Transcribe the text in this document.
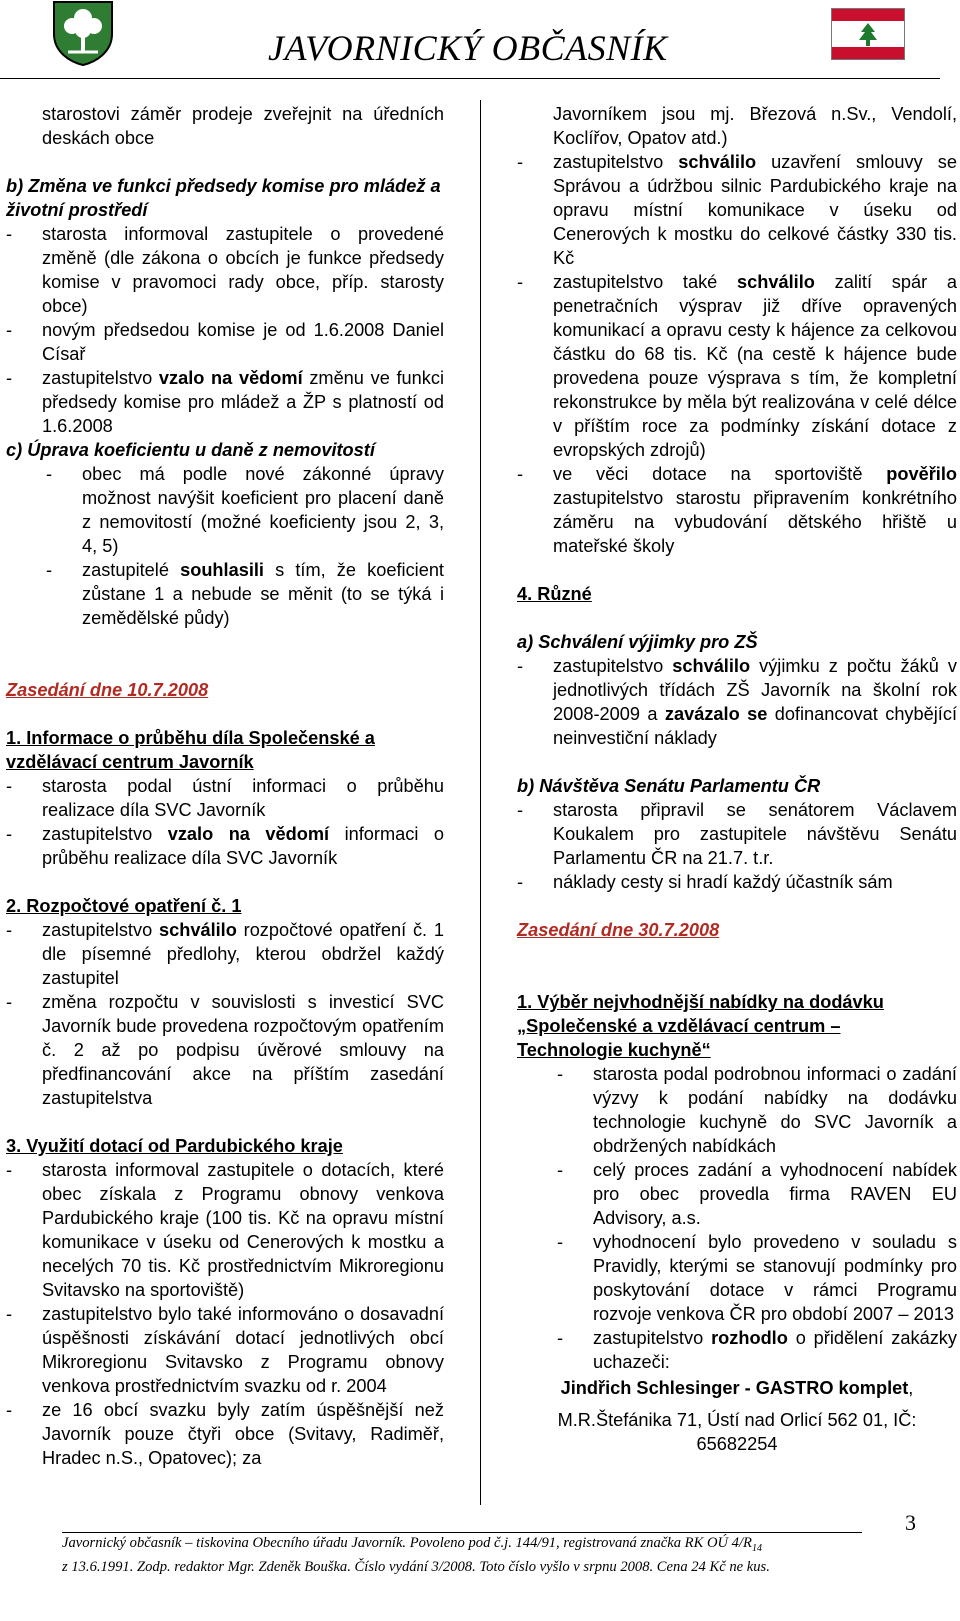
JAVORNICKÝ OBČASNÍK

starostovi záměr prodeje zveřejnit na úředních deskách obce

b) Změna ve funkci předsedy komise pro mládež a životní prostředí

- starosta informoval zastupitele o provedené změně (dle zákona o obcích je funkce předsedy komise v pravomoci rady obce, příp. starosty obce)

- novým předsedou komise je od 1.6.2008 Daniel Císař

- zastupitelstvo vzalo na vědomí změnu ve funkci předsedy komise pro mládež a ŽP s platností od 1.6.2008

c) Úprava koeficientu u daně z nemovitostí

- obec má podle nové zákonné úpravy možnost navýšit koeficient pro placení daně z nemovitostí (možné koeficienty jsou 2, 3, 4, 5)

- zastupitelé souhlasili s tím, že koeficient zůstane 1 a nebude se měnit (to se týká i zemědělské půdy)

Zasedání dne 10.7.2008

1. Informace o průběhu díla Společenské a vzdělávací centrum Javorník

- starosta podal ústní informaci o průběhu realizace díla SVC Javorník

- zastupitelstvo vzalo na vědomí informaci o průběhu realizace díla SVC Javorník

2. Rozpočtové opatření č. 1

- zastupitelstvo schválilo rozpočtové opatření č. 1 dle písemné předlohy, kterou obdržel každý zastupitel

- změna rozpočtu v souvislosti s investicí SVC Javorník bude provedena rozpočtovým opatřením č. 2 až po podpisu úvěrové smlouvy na předfinancování akce na příštím zasedání zastupitelstva

3. Využití dotací od Pardubického kraje

- starosta informoval zastupitele o dotacích, které obec získala z Programu obnovy venkova Pardubického kraje (100 tis. Kč na opravu místní komunikace v úseku od Cenerových k mostku a necelých 70 tis. Kč prostřednictvím Mikroregionu Svitavsko na sportoviště)

- zastupitelstvo bylo také informováno o dosavadní úspěšnosti získávání dotací jednotlivých obcí Mikroregionu Svitavsko z Programu obnovy venkova prostřednictvím svazku od r. 2004

- ze 16 obcí svazku byly zatím úspěšnější než Javorník pouze čtyři obce (Svitavy, Radiměř, Hradec n.S., Opatovec); za

Javorníkem jsou mj. Březová n.Sv., Vendolí, Koclířov, Opatov atd.)

- zastupitelstvo schválilo uzavření smlouvy se Správou a údržbou silnic Pardubického kraje na opravu místní komunikace v úseku od Cenerových k mostku do celkové částky 330 tis. Kč

- zastupitelstvo také schválilo zalití spár a penetračních výsprav již dříve opravených komunikací a opravu cesty k hájence za celkovou částku do 68 tis. Kč (na cestě k hájence bude provedena pouze výsprava s tím, že kompletní rekonstrukce by měla být realizována v celé délce v příštím roce za podmínky získání dotace z evropských zdrojů)

- ve věci dotace na sportoviště pověřilo zastupitelstvo starostu připravením konkrétního záměru na vybudování dětského hřiště u mateřské školy

4. Různé

a) Schválení výjimky pro ZŠ

- zastupitelstvo schválilo výjimku z počtu žáků v jednotlivých třídách ZŠ Javorník na školní rok 2008-2009 a zavázalo se dofinancovat chybějící neinvestiční náklady

b) Návštěva Senátu Parlamentu ČR

- starosta připravil se senátorem Václavem Koukalem pro zastupitele návštěvu Senátu Parlamentu ČR na 21.7. t.r.

- náklady cesty si hradí každý účastník sám

Zasedání dne 30.7.2008

1. Výběr nejvhodnější nabídky na dodávku
„Společenské a vzdělávací centrum –
Technologie kuchyně“

- starosta podal podrobnou informaci o zadání výzvy k podání nabídky na dodávku technologie kuchyně do SVC Javorník a obdržených nabídkách

- celý proces zadání a vyhodnocení nabídek pro obec provedla firma RAVEN EU Advisory, a.s.

- vyhodnocení bylo provedeno v souladu s Pravidly, kterými se stanovují podmínky pro poskytování dotace v rámci Programu rozvoje venkova ČR pro období 2007 – 2013

- zastupitelstvo rozhodlo o přidělení zakázky uchazeči:

Jindřich Schlesinger - GASTRO komplet,

M.R.Štefánika 71, Ústí nad Orlicí 562 01, IČ: 65682254

3
Javornický občasník – tiskovina Obecního úřadu Javorník. Povoleno pod č.j. 144/91, registrovaná značka RK OÚ $4/R_{14}$
z 13.6.1991. Zodp. redaktor Mgr. Zdeněk Bouška. Číslo vydání 3/2008. Toto číslo vyšlo v srpnu 2008. Cena 24 Kč ne kus.
